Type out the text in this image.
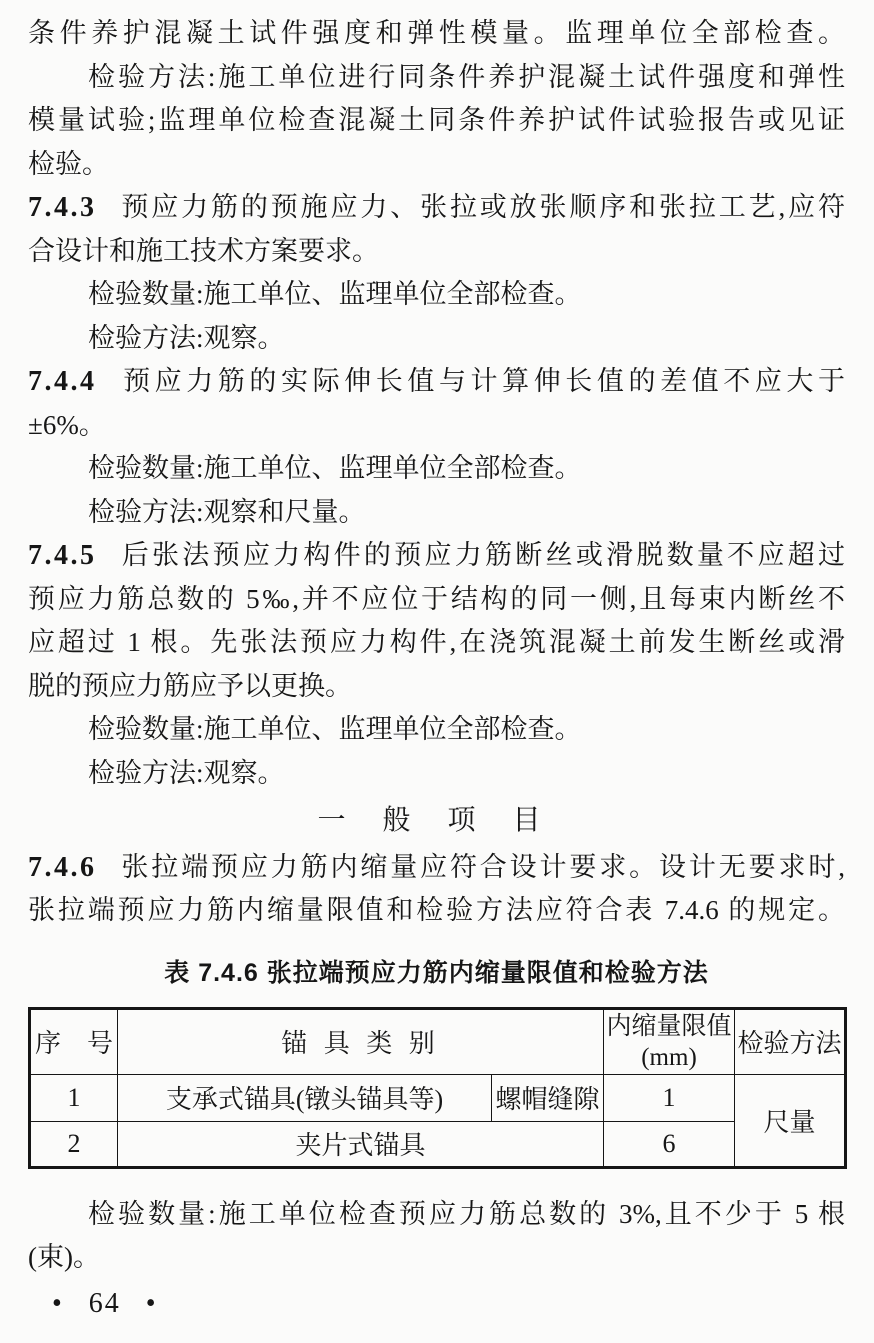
条件养护混凝土试件强度和弹性模量。监理单位全部检查。
检验方法:施工单位进行同条件养护混凝土试件强度和弹性
模量试验;监理单位检查混凝土同条件养护试件试验报告或见证
检验。
7.4.3 预应力筋的预施应力、张拉或放张顺序和张拉工艺,应符
合设计和施工技术方案要求。
检验数量:施工单位、监理单位全部检查。
检验方法:观察。
7.4.4 预应力筋的实际伸长值与计算伸长值的差值不应大于
±6%。
检验数量:施工单位、监理单位全部检查。
检验方法:观察和尺量。
7.4.5 后张法预应力构件的预应力筋断丝或滑脱数量不应超过
预应力筋总数的 5‰,并不应位于结构的同一侧,且每束内断丝不
应超过 1 根。先张法预应力构件,在浇筑混凝土前发生断丝或滑
脱的预应力筋应予以更换。
检验数量:施工单位、监理单位全部检查。
检验方法:观察。
一 般 项 目
7.4.6 张拉端预应力筋内缩量应符合设计要求。设计无要求时,
张拉端预应力筋内缩量限值和检验方法应符合表 7.4.6 的规定。
表 7.4.6 张拉端预应力筋内缩量限值和检验方法
序　号	锚 具 类 别		内缩量限值
(mm)	检验方法
1	支承式锚具(镦头锚具等)	螺帽缝隙	1	尺量
2	夹片式锚具		6	
检验数量:施工单位检查预应力筋总数的 3%,且不少于 5 根
(束)。
• 64 •
